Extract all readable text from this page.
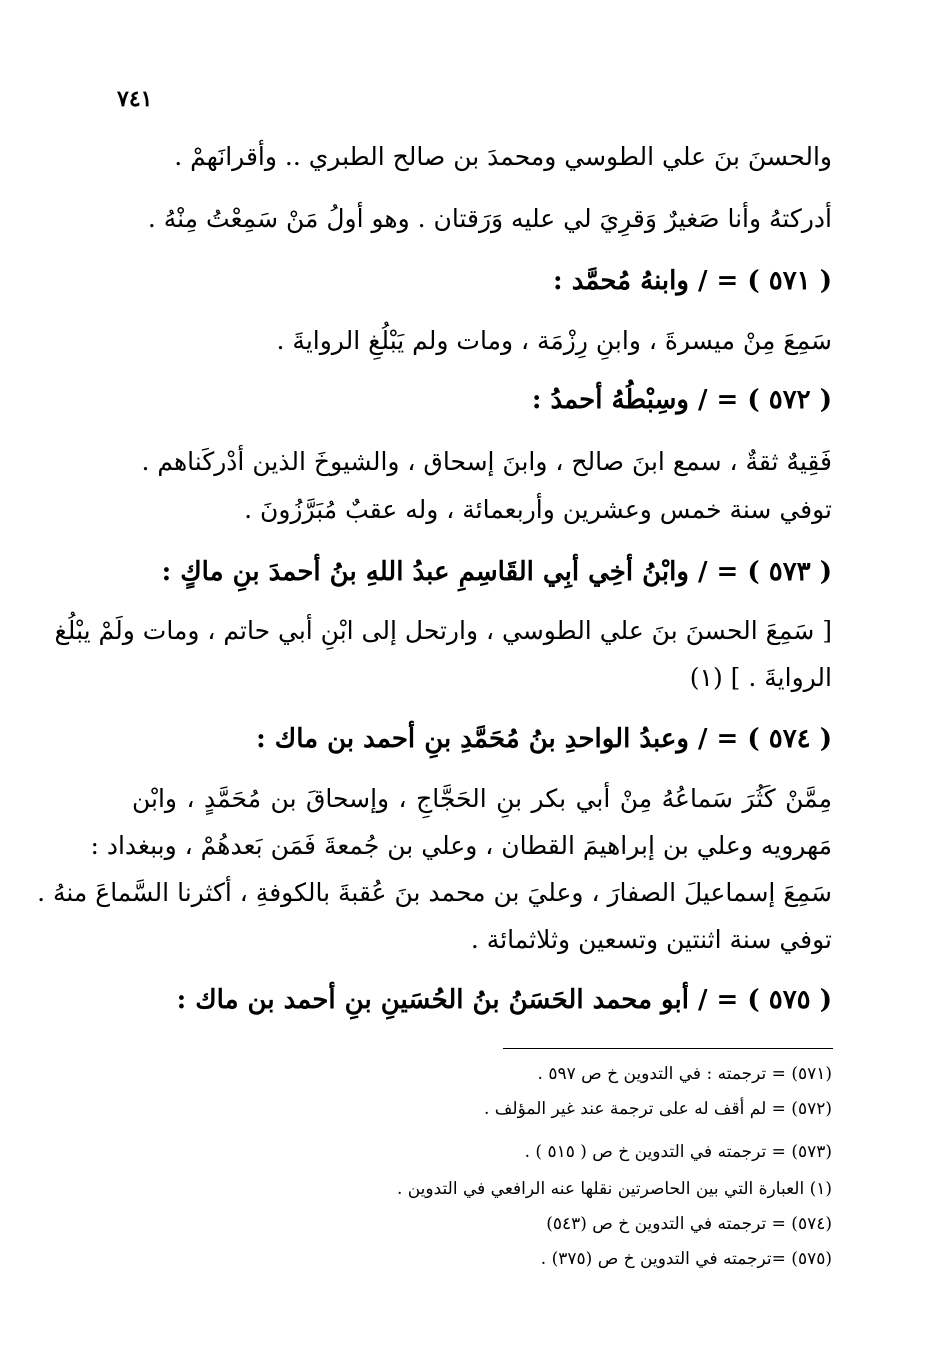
٧٤١
والحسنَ بنَ علي الطوسي ومحمدَ بن صالح الطبري .. وأقرانَهمْ .
أدركتهُ وأنا صَغيرٌ وَقرِيَ لي عليه وَرَقتان . وهو أولُ مَنْ سَمِعْتُ مِنْهُ .
( ٥٧١ ) = / وابنهُ مُحمَّد :
سَمِعَ مِنْ ميسرةَ ، وابنِ رِزْمَة ، ومات ولم يَبْلُغِ الروايةَ .
( ٥٧٢ ) = / وسِبْطُهُ أحمدُ :
فَقِيهٌ ثقةٌ ، سمع ابنَ صالح ، وابنَ إسحاق ، والشيوخَ الذين أدْركَناهم .
توفي سنة خمس وعشرين وأربعمائة ، وله عقبٌ مُبَرَّزُونَ .
( ٥٧٣ ) = / وابْنُ أخِي أبِي القَاسِمِ عبدُ اللهِ بنُ أحمدَ بنِ ماكٍ :
[ سَمِعَ الحسنَ بنَ علي الطوسي ، وارتحل إلى ابْنِ أبي حاتم ، ومات ولَمْ يبْلُغ
الروايةَ . ] (١)
( ٥٧٤ ) = / وعبدُ الواحدِ بنُ مُحَمَّدِ بنِ أحمد بن ماك :
مِمَّنْ كَثُرَ سَماعُهُ مِنْ أبي بكر بنِ الحَجَّاجِ ، وإسحاقَ بن مُحَمَّدٍ ، وابْن
مَهرويه وعلي بن إبراهيمَ القطان ، وعلي بن جُمعةَ فَمَن بَعدهُمْ ، وببغداد :
سَمِعَ إسماعيلَ الصفارَ ، وعليَ بن محمد بنَ عُقبةَ بالكوفةِ ، أكثرنا السَّماعَ منهُ .
توفي سنة اثنتين وتسعين وثلاثمائة .
( ٥٧٥ ) = / أبو محمد الحَسَنُ بنُ الحُسَينِ بنِ أحمد بن ماك :
(٥٧١) = ترجمته : في التدوين خ ص ٥٩٧ .
(٥٧٢) = لم أقف له على ترجمة عند غير المؤلف .
(٥٧٣) = ترجمته في التدوين خ ص ( ٥١٥ ) .
(١) العبارة التي بين الحاصرتين نقلها عنه الرافعي في التدوين .
(٥٧٤) = ترجمته في التدوين خ ص (٥٤٣)
(٥٧٥) =ترجمته في التدوين خ ص (٣٧٥) .
